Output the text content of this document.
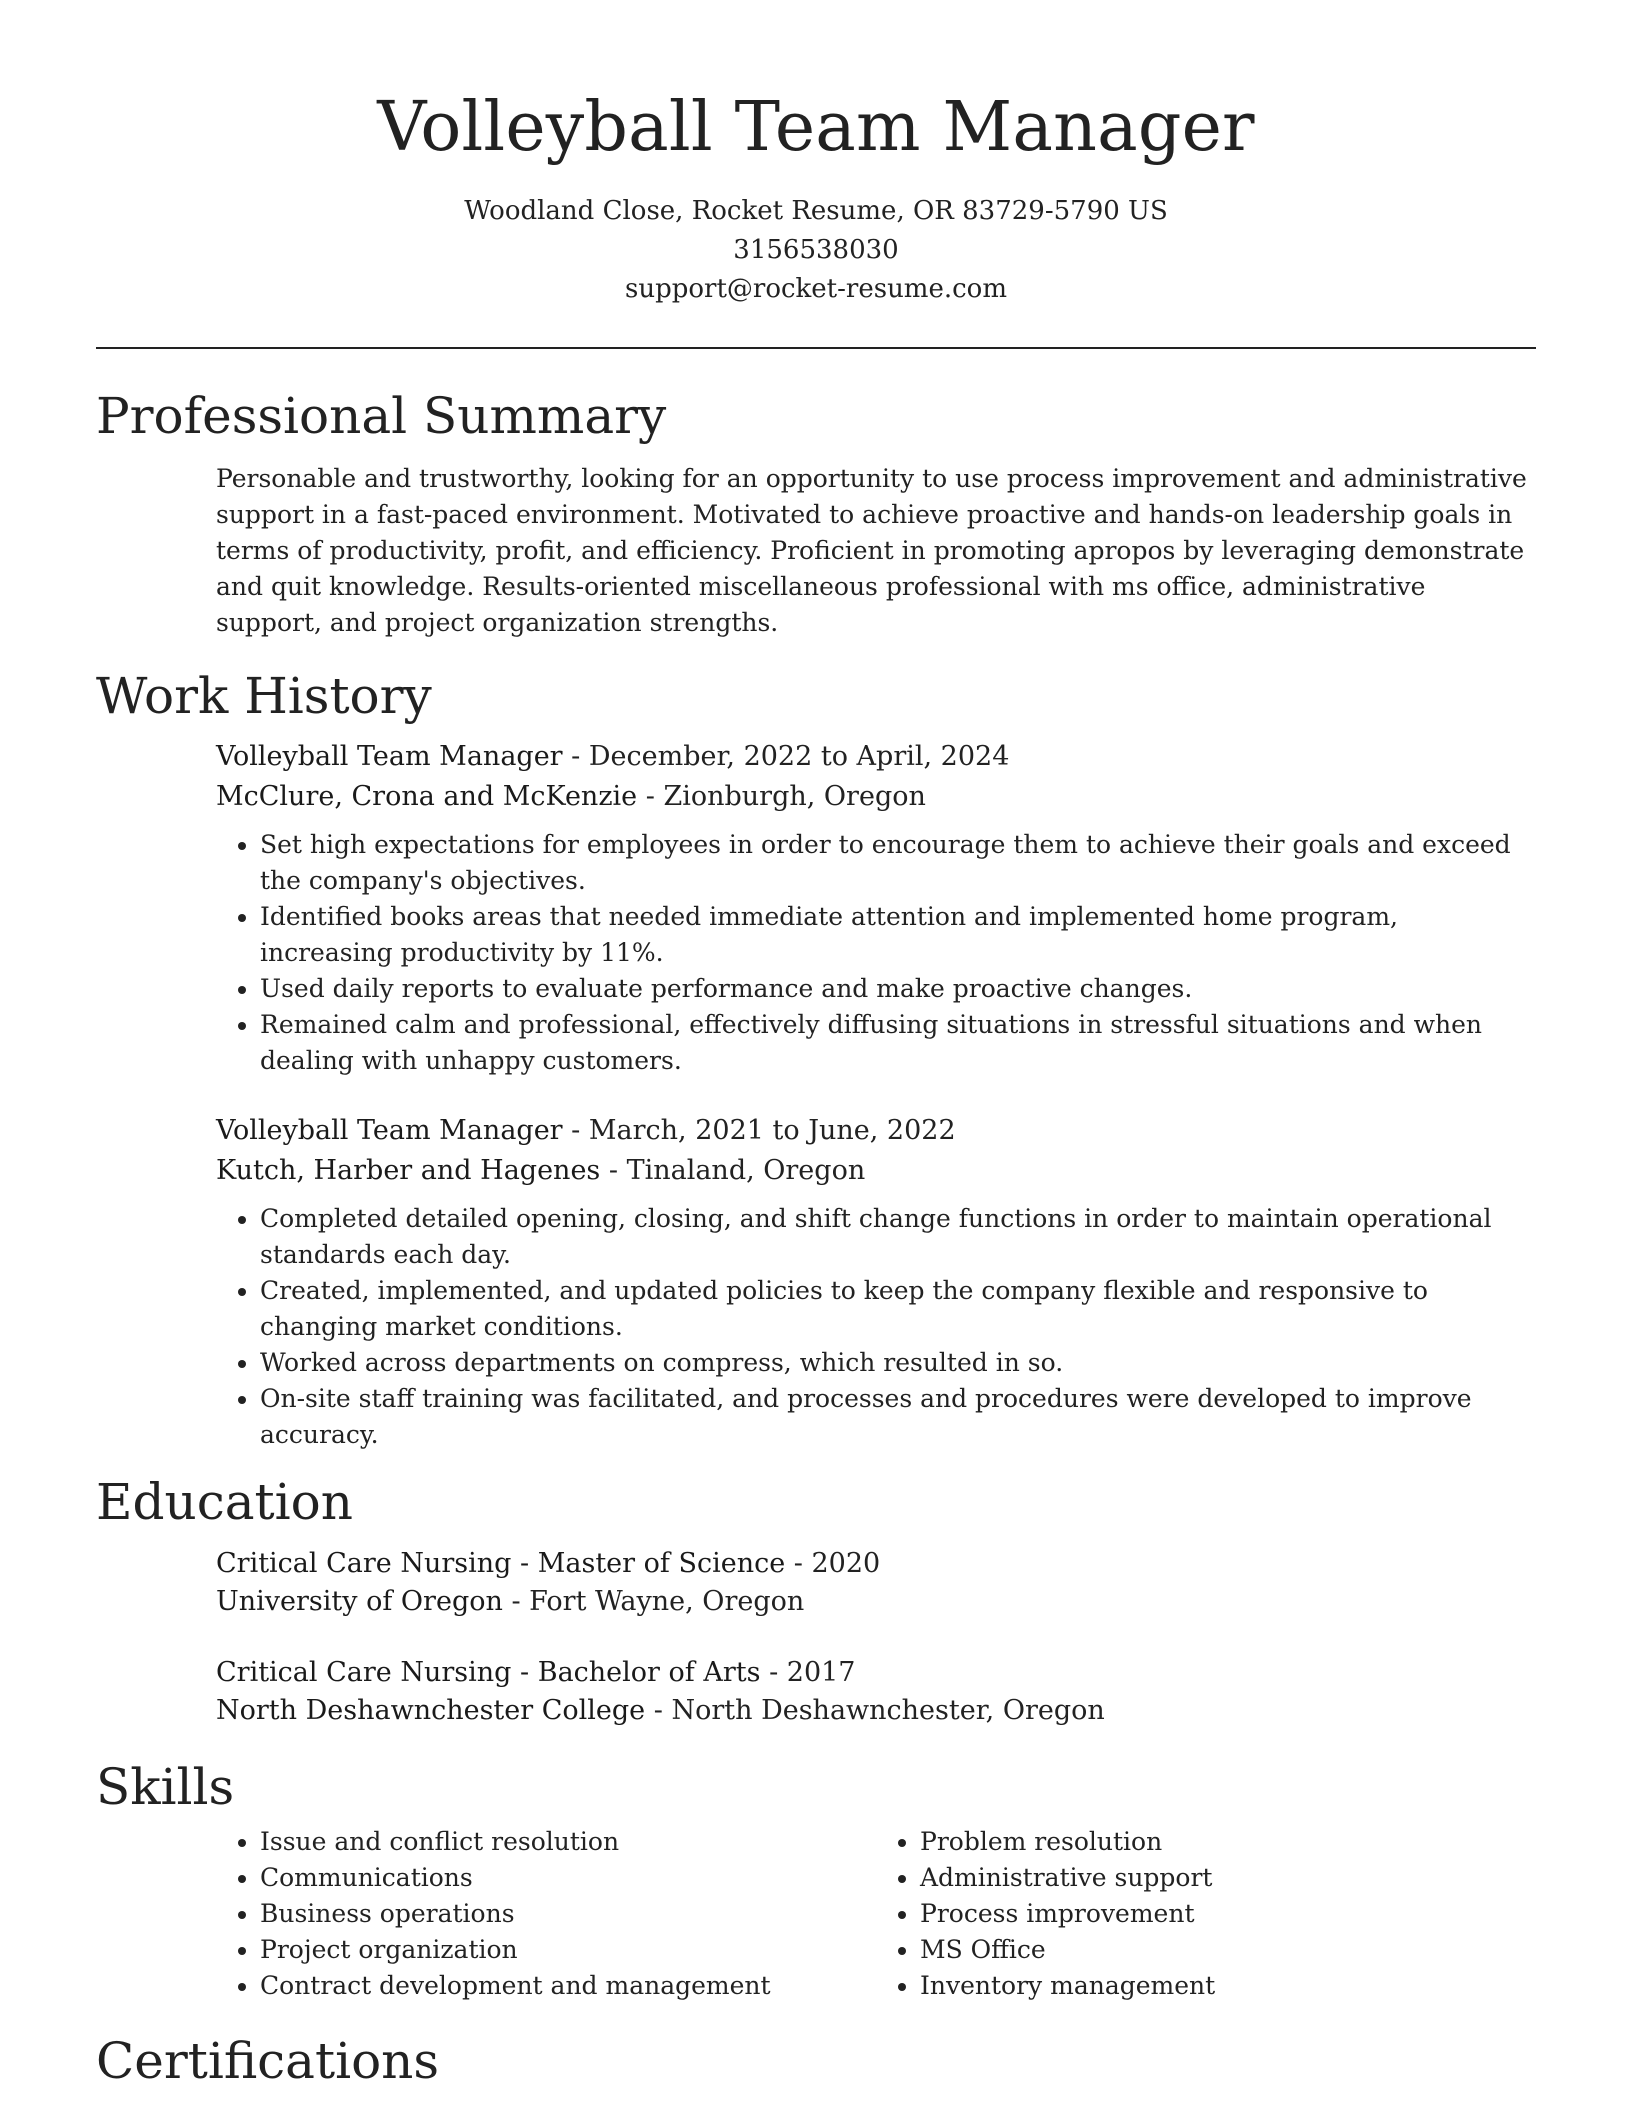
Volleyball Team Manager

Woodland Close, Rocket Resume, OR 83729-5790 US

3156538030

support@rocket-resume.com

Professional Summary

Personable and trustworthy, looking for an opportunity to use process improvement and administrative support in a fast-paced environment. Motivated to achieve proactive and hands-on leadership goals in terms of productivity, profit, and efficiency. Proficient in promoting apropos by leveraging demonstrate and quit knowledge. Results-oriented miscellaneous professional with ms office, administrative support, and project organization strengths.

Work History

Volleyball Team Manager - December, 2022 to April, 2024

McClure, Crona and McKenzie - Zionburgh, Oregon

• Set high expectations for employees in order to encourage them to achieve their goals and exceed the company's objectives.
• Identified books areas that needed immediate attention and implemented home program, increasing productivity by 11%.
• Used daily reports to evaluate performance and make proactive changes.
• Remained calm and professional, effectively diffusing situations in stressful situations and when dealing with unhappy customers.

Volleyball Team Manager - March, 2021 to June, 2022

Kutch, Harber and Hagenes - Tinaland, Oregon

• Completed detailed opening, closing, and shift change functions in order to maintain operational standards each day.
• Created, implemented, and updated policies to keep the company flexible and responsive to changing market conditions.
• Worked across departments on compress, which resulted in so.
• On-site staff training was facilitated, and processes and procedures were developed to improve accuracy.
Education

Critical Care Nursing - Master of Science - 2020

University of Oregon - Fort Wayne, Oregon

Critical Care Nursing - Bachelor of Arts - 2017

North Deshawnchester College - North Deshawnchester, Oregon

Skills
• Issue and conflict resolution
• Communications
• Business operations
• Project organization
• Contract development and management
• Problem resolution
• Administrative support
• Process improvement
• MS Office
• Inventory management
Certifications
